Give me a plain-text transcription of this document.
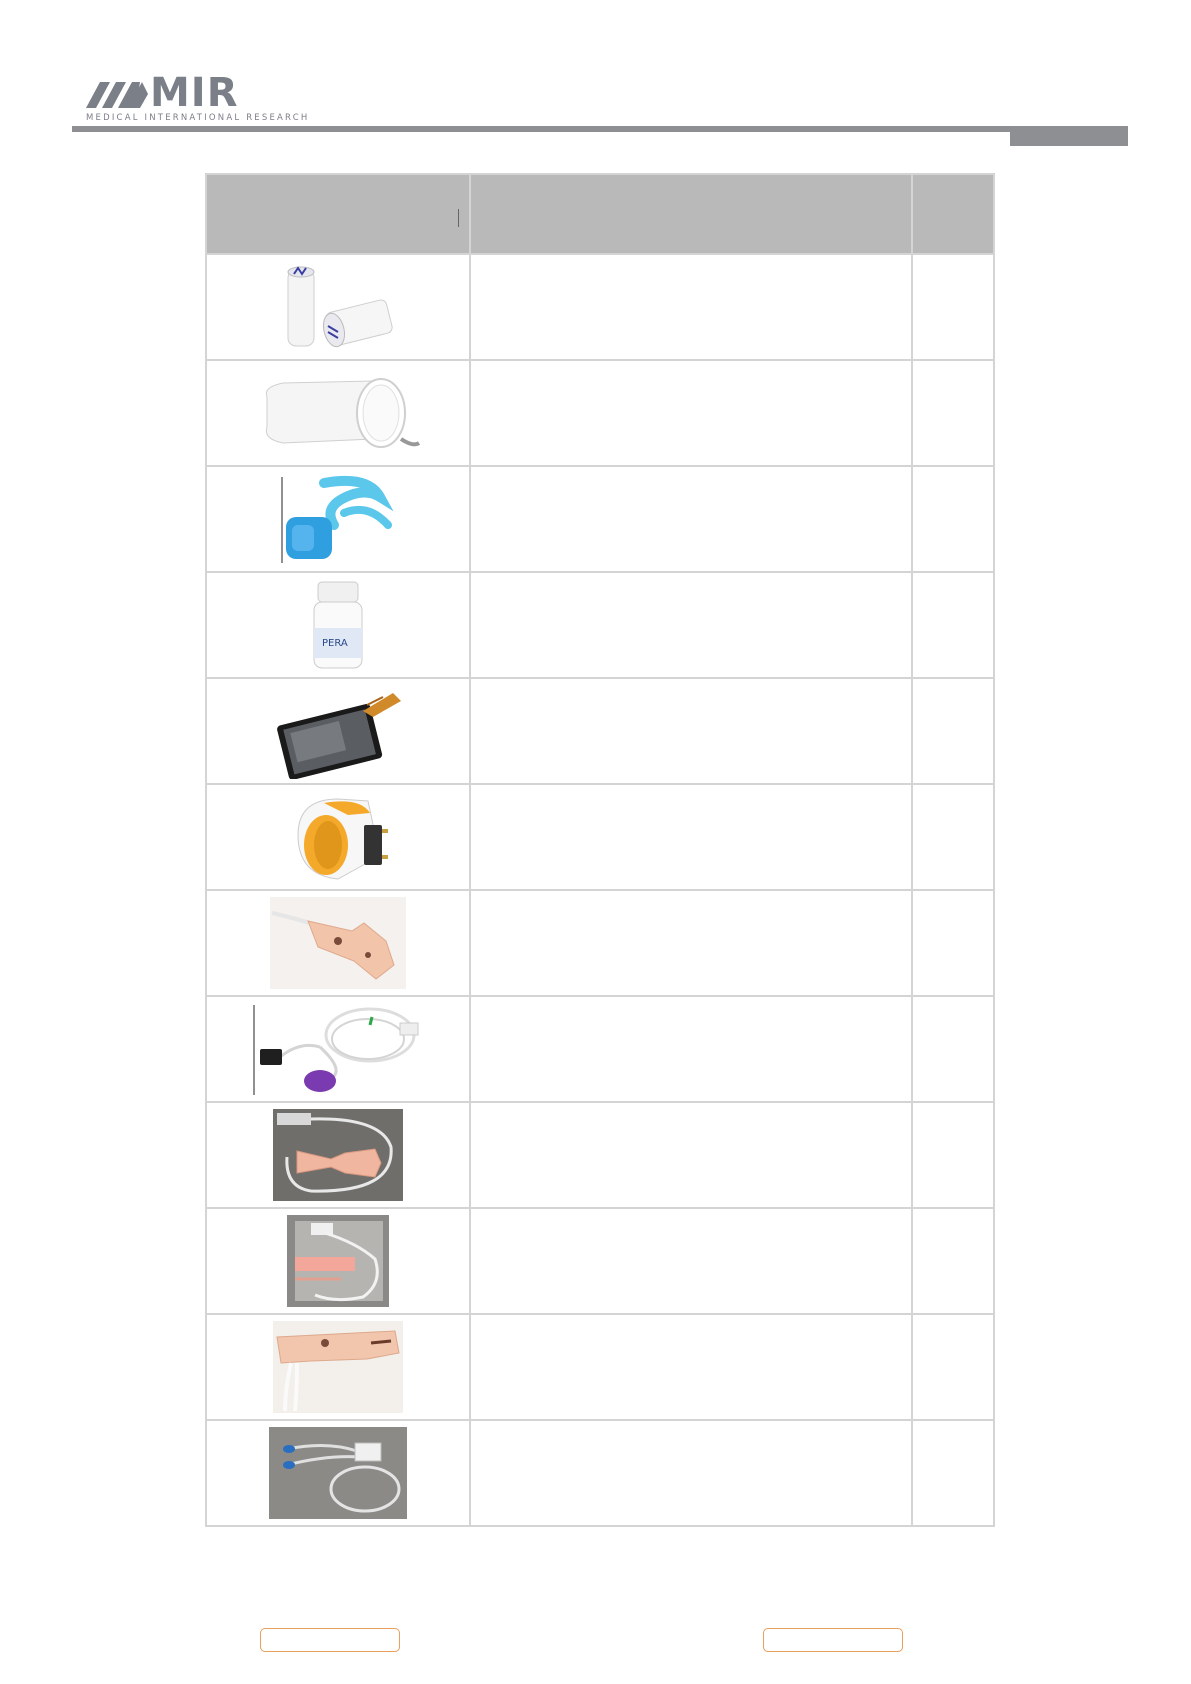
MIR
MEDICAL INTERNATIONAL RESEARCH

PERA		
